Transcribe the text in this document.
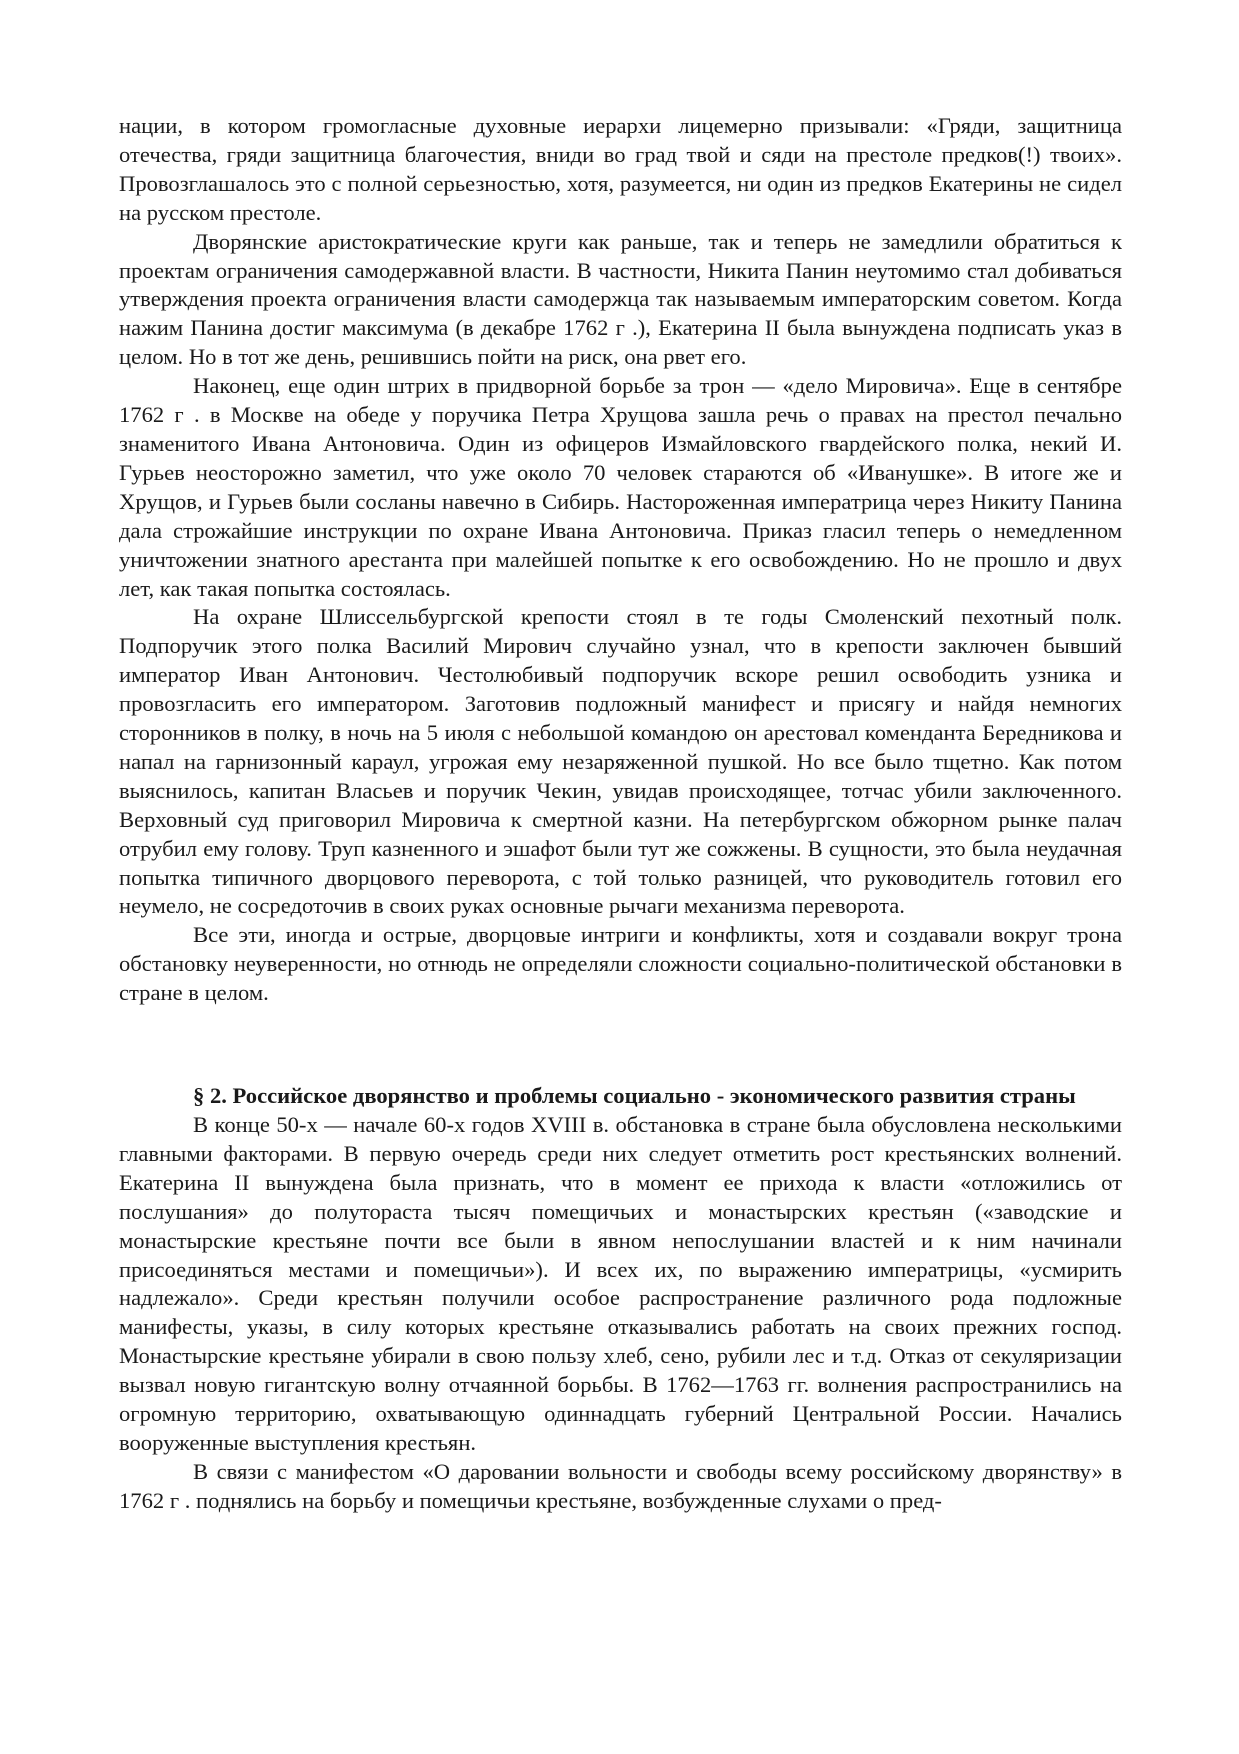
нации, в котором громогласные духовные иерархи лицемерно призывали: «Гряди, защитница отечества, гряди защитница благочестия, вниди во град твой и сяди на престоле предков(!) твоих». Провозглашалось это с полной серьезностью, хотя, разумеется, ни один из предков Екатерины не сидел на русском престоле.

Дворянские аристократические круги как раньше, так и теперь не замедлили обратиться к проектам ограничения самодержавной власти. В частности, Никита Панин неутомимо стал добиваться утверждения проекта ограничения власти самодержца так называемым императорским советом. Когда нажим Панина достиг максимума (в декабре 1762 г .), Екатерина II была вынуждена подписать указ в целом. Но в тот же день, решившись пойти на риск, она рвет его.

Наконец, еще один штрих в придворной борьбе за трон — «дело Мировича». Еще в сентябре 1762 г . в Москве на обеде у поручика Петра Хрущова зашла речь о правах на престол печально знаменитого Ивана Антоновича. Один из офицеров Измайловского гвардейского полка, некий И. Гурьев неосторожно заметил, что уже около 70 человек стараются об «Иванушке». В итоге же и Хрущов, и Гурьев были сосланы навечно в Сибирь. Настороженная императрица через Никиту Панина дала строжайшие инструкции по охране Ивана Антоновича. Приказ гласил теперь о немедленном уничтожении знатного арестанта при малейшей попытке к его освобождению. Но не прошло и двух лет, как такая попытка состоялась.

На охране Шлиссельбургской крепости стоял в те годы Смоленский пехотный полк. Подпоручик этого полка Василий Мирович случайно узнал, что в крепости заключен бывший император Иван Антонович. Честолюбивый подпоручик вскоре решил освободить узника и провозгласить его императором. Заготовив подложный манифест и присягу и найдя немногих сторонников в полку, в ночь на 5 июля с небольшой командою он арестовал коменданта Бередникова и напал на гарнизонный караул, угрожая ему незаряженной пушкой. Но все было тщетно. Как потом выяснилось, капитан Власьев и поручик Чекин, увидав происходящее, тотчас убили заключенного. Верховный суд приговорил Мировича к смертной казни. На петербургском обжорном рынке палач отрубил ему голову. Труп казненного и эшафот были тут же сожжены. В сущности, это была неудачная попытка типичного дворцового переворота, с той только разницей, что руководитель готовил его неумело, не сосредоточив в своих руках основные рычаги механизма переворота.

Все эти, иногда и острые, дворцовые интриги и конфликты, хотя и создавали вокруг трона обстановку неуверенности, но отнюдь не определяли сложности социально-политической обстановки в стране в целом.

§ 2. Российское дворянство и проблемы социально - экономического развития страны

В конце 50-х — начале 60-х годов XVIII в. обстановка в стране была обусловлена несколькими главными факторами. В первую очередь среди них следует отметить рост крестьянских волнений. Екатерина II вынуждена была признать, что в момент ее прихода к власти «отложились от послушания» до полутораста тысяч помещичьих и монастырских крестьян («заводские и монастырские крестьяне почти все были в явном непослушании властей и к ним начинали присоединяться местами и помещичьи»). И всех их, по выражению императрицы, «усмирить надлежало». Среди крестьян получили особое распространение различного рода подложные манифесты, указы, в силу которых крестьяне отказывались работать на своих прежних господ. Монастырские крестьяне убирали в свою пользу хлеб, сено, рубили лес и т.д. Отказ от секуляризации вызвал новую гигантскую волну отчаянной борьбы. В 1762—1763 гг. волнения распространились на огромную территорию, охватывающую одиннадцать губерний Центральной России. Начались вооруженные выступления крестьян.

В связи с манифестом «О даровании вольности и свободы всему российскому дворянству» в 1762 г . поднялись на борьбу и помещичьи крестьяне, возбужденные слухами о пред-
